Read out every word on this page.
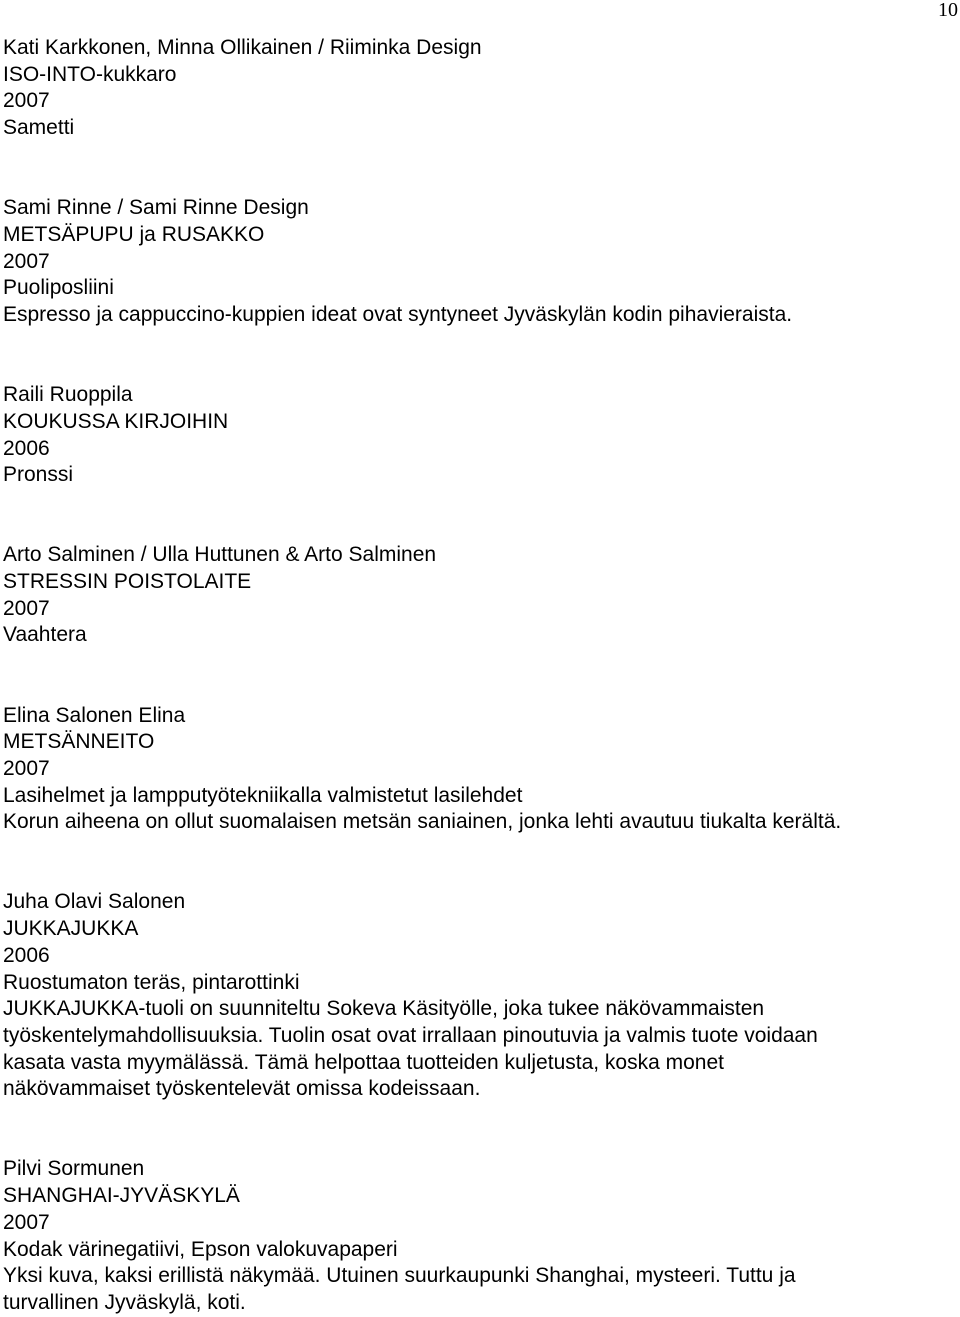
10
Kati Karkkonen, Minna Ollikainen / Riiminka Design
ISO-INTO-kukkaro
2007
Sametti
Sami Rinne / Sami Rinne Design
METSÄPUPU ja RUSAKKO
2007
Puoliposliini
Espresso ja cappuccino-kuppien ideat ovat syntyneet Jyväskylän kodin pihavieraista.
Raili Ruoppila
KOUKUSSA KIRJOIHIN
2006
Pronssi
Arto Salminen / Ulla Huttunen & Arto Salminen
STRESSIN POISTOLAITE
2007
Vaahtera
Elina Salonen Elina
METSÄNNEITO
2007
Lasihelmet ja lampputyötekniikalla valmistetut lasilehdet
Korun aiheena on ollut suomalaisen metsän saniainen, jonka lehti avautuu tiukalta kerältä.
Juha Olavi Salonen
JUKKAJUKKA
2006
Ruostumaton teräs, pintarottinki
JUKKAJUKKA-tuoli on suunniteltu Sokeva Käsityölle, joka tukee näkövammaisten
työskentelymahdollisuuksia. Tuolin osat ovat irrallaan pinoutuvia ja valmis tuote voidaan
kasata vasta myymälässä. Tämä helpottaa tuotteiden kuljetusta, koska monet
näkövammaiset työskentelevät omissa kodeissaan.
Pilvi Sormunen
SHANGHAI-JYVÄSKYLÄ
2007
Kodak värinegatiivi, Epson valokuvapaperi
Yksi kuva, kaksi erillistä näkymää. Utuinen suurkaupunki Shanghai, mysteeri. Tuttu ja
turvallinen Jyväskylä, koti.
